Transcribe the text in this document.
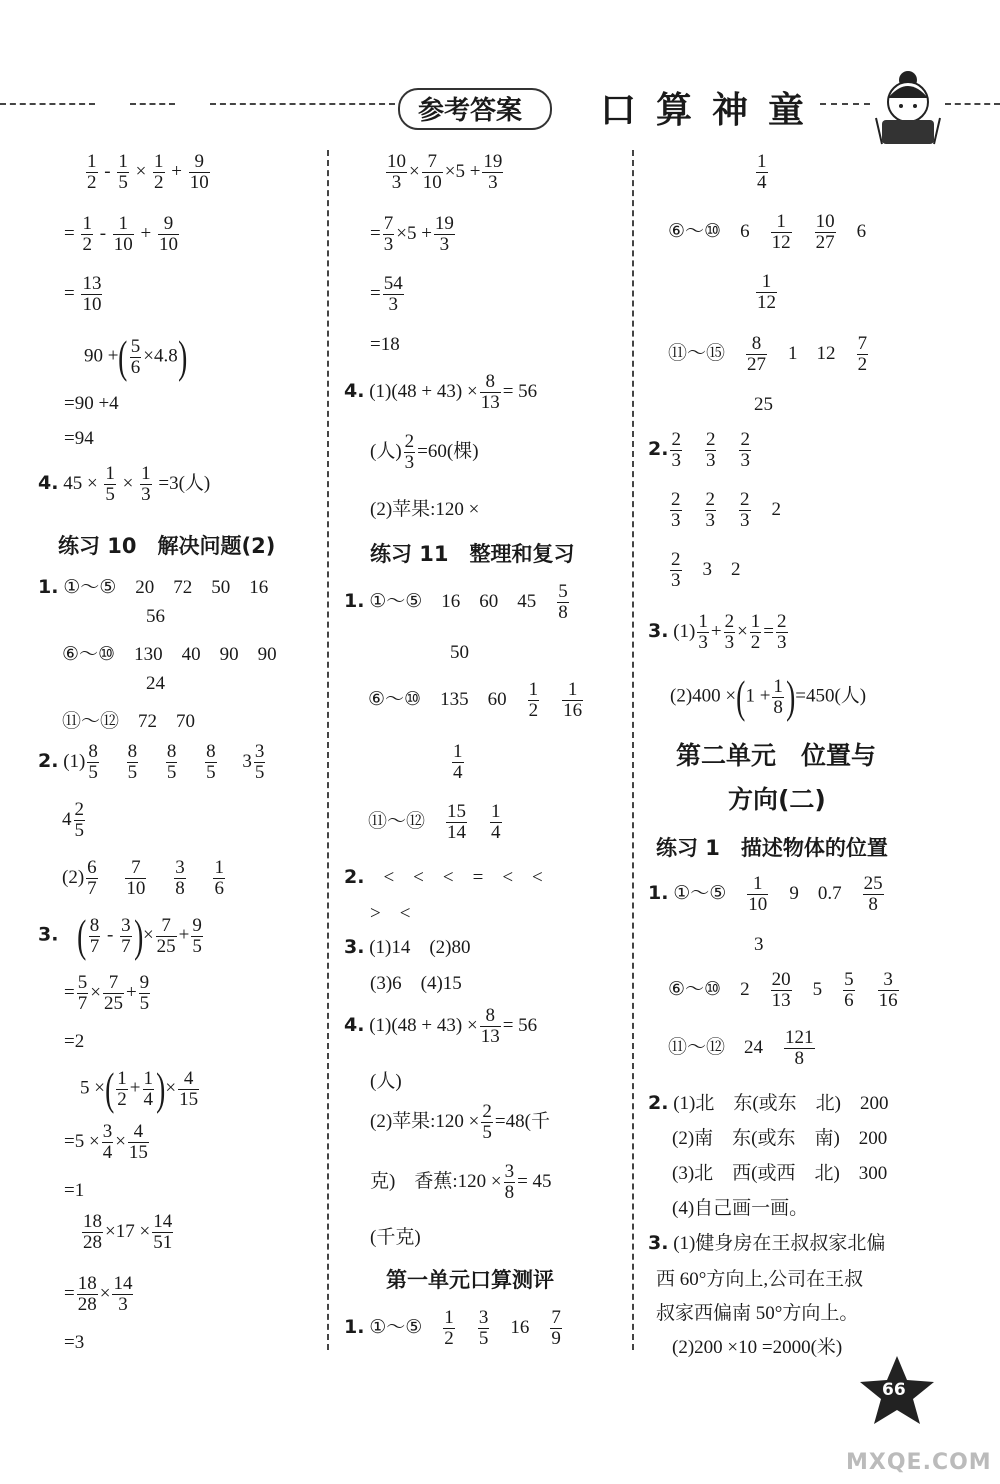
参考答案 口算神童
$\frac{1}{2} - \frac{1}{5} \times \frac{1}{2} + \frac{9}{10}$
= $\frac{1}{2} - \frac{1}{10} + \frac{9}{10}$
= $\frac{13}{10}$
90 +( $\frac{5}{6} \times 4.8$)
=90 +4
=94
4. $45 \times \frac{1}{5} \times \frac{1}{3} =3$(人)
练习 10　解决问题(2)
1. ①～⑤　20　72　50　16
56
⑥～⑩　130　40　90　90
24
⑪～⑫　72　70
2. $(1) \frac{8}{5}$
　 $\frac{8}{5}$
　 $\frac{8}{5}$
　 $\frac{8}{5}$
　 $3 \frac{3}{5}$
$4 \frac{2}{5}$
$(2) \frac{6}{7}$
　 $\frac{7}{10}$
　 $\frac{3}{8}$
　 $\frac{1}{6}$
3.　 ( $\frac{8}{7} - \frac{3}{7}$ )× $\frac{7}{25} + \frac{9}{5}$
= $\frac{5}{7} \times \frac{7}{25} + \frac{9}{5}$
=2
5 ×( $\frac{1}{2} + \frac{1}{4}$ )× $\frac{4}{15}$
$=5 \times \frac{3}{4} \times \frac{4}{15}$
=1
$\frac{18}{28} \times 17 \times \frac{14}{51}$
= $\frac{18}{28} \times \frac{14}{3}$
=3
$\frac{10}{3} \times \frac{7}{10} \times 5 + \frac{19}{3}$
= $\frac{7}{3} \times 5 + \frac{19}{3}$
= $\frac{54}{3}$
=18
4. $(1)(48 + 43) \times \frac{8}{13} = 56$
(人) $\frac{2}{3} =60$(棵)
(2)苹果:120 ×
练习 11　整理和复习
1. ①～⑤　16　60　45　 $\frac{5}{8}$
50
⑥～⑩　135　60　 $\frac{1}{2}$
　 $\frac{1}{16}$
$\frac{1}{4}$
⑪～⑫　 $\frac{15}{14}$
　 $\frac{1}{4}$
2.　 <　<　<　=　<　<
>　<
3. (1)14　(2)80
(3)6　(4)15
4. $(1)(48 + 43) \times \frac{8}{13} = 56$
(人)
(2)苹果:120 × $\frac{2}{5} =48$(千
克)　香蕉:120 × $\frac{3}{8} = 45$
(千克)
第一单元口算测评
1. ①～⑤　 $\frac{1}{2}$
　 $\frac{3}{5}$
　 16　 $\frac{7}{9}$
$\frac{1}{4}$
⑥～⑩　6　 $\frac{1}{12}$
　 $\frac{10}{27}$
　 6
$\frac{1}{12}$
⑪～⑮　 $\frac{8}{27}$
　 1　12　 $\frac{7}{2}$
25
2. $\frac{2}{3}$
　 $\frac{2}{3}$
　 $\frac{2}{3}$
$\frac{2}{3}$
　 $\frac{2}{3}$
　 $\frac{2}{3}$
　 2
$\frac{2}{3}$
　 3　2
3. $(1) \frac{1}{3} + \frac{2}{3} \times \frac{1}{2} = \frac{2}{3}$
$(2)400 \times(1 + \frac{1}{8} )=450$(人)
第二单元　位置与
方向(二)
练习 1　描述物体的位置
1. ①～⑤　 $\frac{1}{10}$
　 9　0.7　 $\frac{25}{8}$
3
⑥～⑩　2　 $\frac{20}{13}$
　 5　 $\frac{5}{6}$
　 $\frac{3}{16}$
⑪～⑫　24　 $\frac{121}{8}$
2. (1)北　东(或东　北)　200
(2)南　东(或东　南)　200
(3)北　西(或西　北)　300
(4)自己画一画。
3. (1)健身房在王叔叔家北偏
西 60°方向上,公司在王叔
叔家西偏南 50°方向上。
(2)200 ×10 =2000(米)
66
MXQE.COM
